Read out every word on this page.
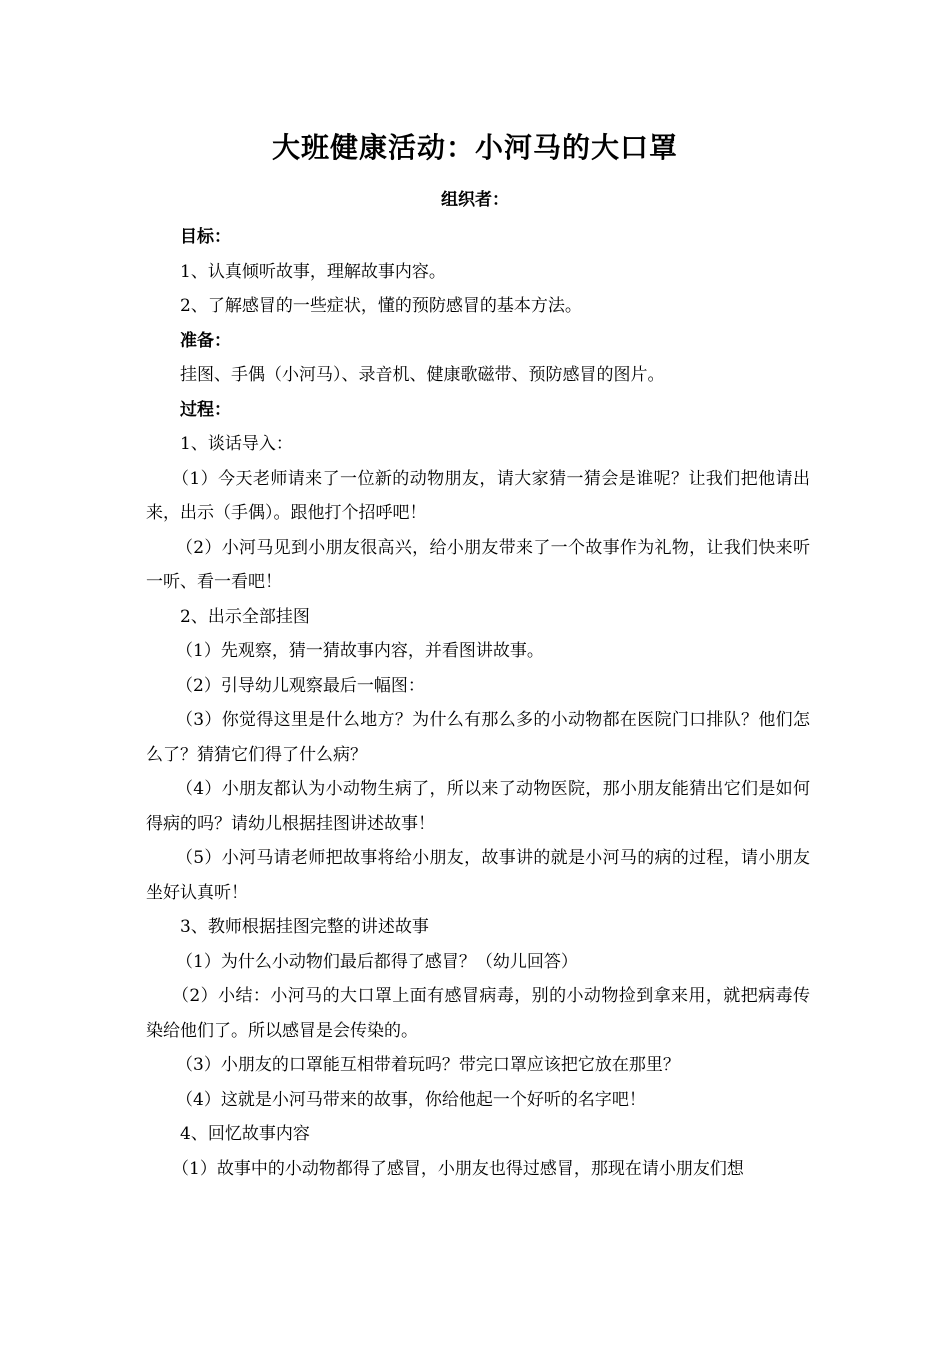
大班健康活动：小河马的大口罩
组织者：

目标：

1、认真倾听故事，理解故事内容。

2、了解感冒的一些症状，懂的预防感冒的基本方法。

准备：

挂图、手偶（小河马）、录音机、健康歌磁带、预防感冒的图片。

过程：

1、谈话导入：

（1）今天老师请来了一位新的动物朋友，请大家猜一猜会是谁呢？让我们把他请出来，出示（手偶）。跟他打个招呼吧！

（2）小河马见到小朋友很高兴，给小朋友带来了一个故事作为礼物，让我们快来听一听、看一看吧！

2、出示全部挂图

（1）先观察，猜一猜故事内容，并看图讲故事。

（2）引导幼儿观察最后一幅图：

（3）你觉得这里是什么地方？为什么有那么多的小动物都在医院门口排队？他们怎么了？猜猜它们得了什么病？

（4）小朋友都认为小动物生病了，所以来了动物医院，那小朋友能猜出它们是如何得病的吗？请幼儿根据挂图讲述故事！

（5）小河马请老师把故事将给小朋友，故事讲的就是小河马的病的过程，请小朋友坐好认真听！

3、教师根据挂图完整的讲述故事

（1）为什么小动物们最后都得了感冒？（幼儿回答）

（2）小结：小河马的大口罩上面有感冒病毒，别的小动物捡到拿来用，就把病毒传染给他们了。所以感冒是会传染的。

（3）小朋友的口罩能互相带着玩吗？带完口罩应该把它放在那里？

（4）这就是小河马带来的故事，你给他起一个好听的名字吧！

4、回忆故事内容

（1）故事中的小动物都得了感冒，小朋友也得过感冒，那现在请小朋友们想
